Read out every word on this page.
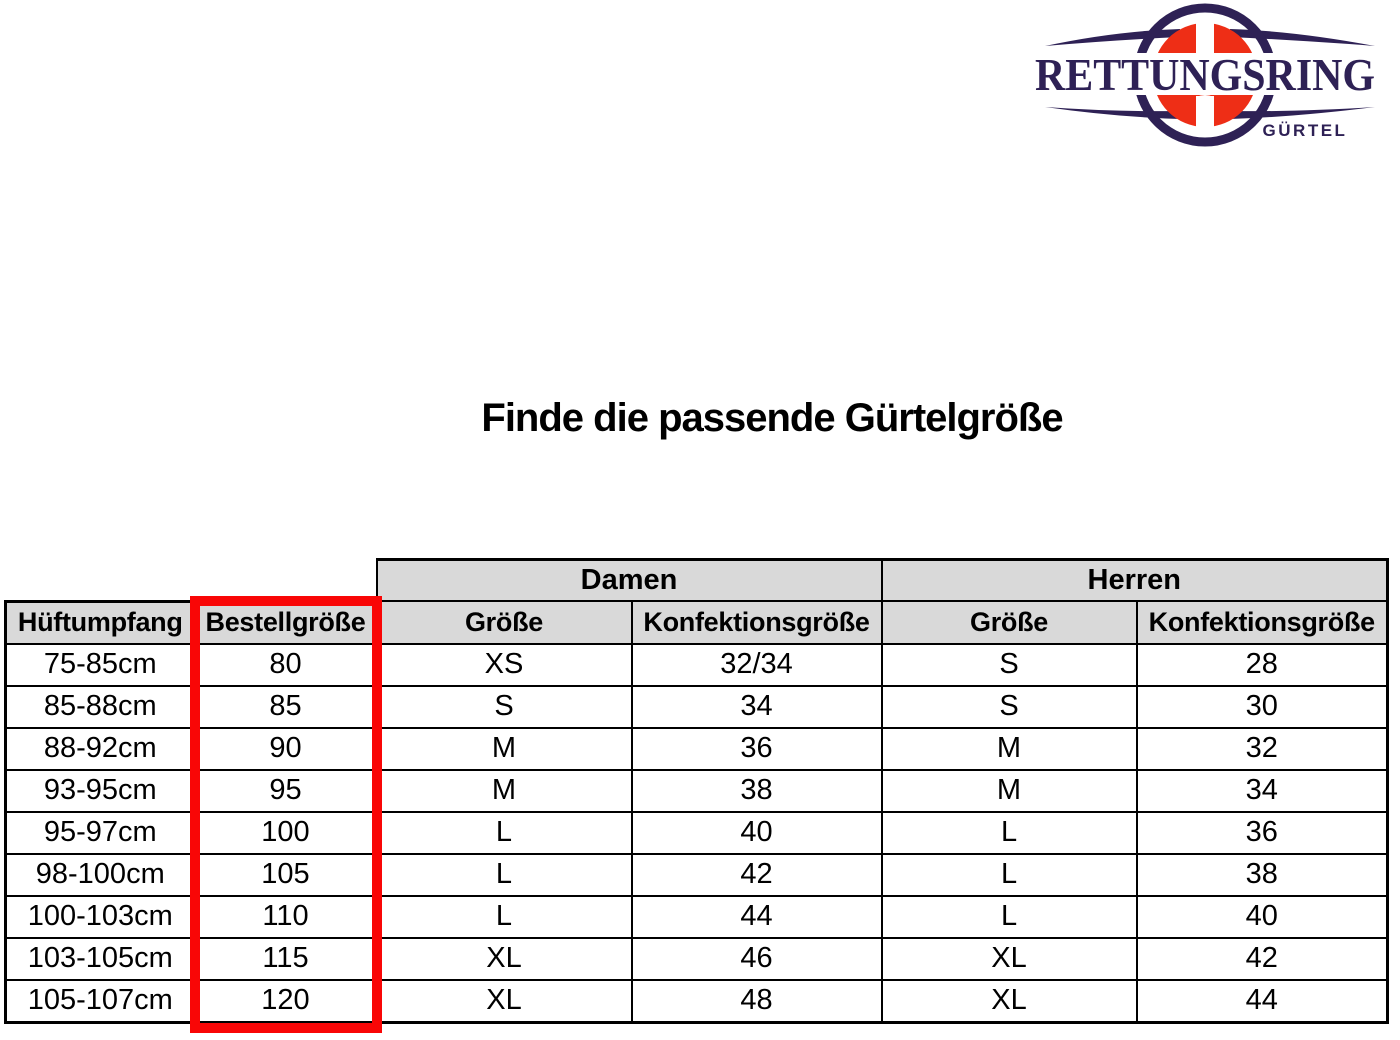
RETTUNGSRING
GÜRTEL
Finde die passende Gürtelgröße
		Damen		Herren	
Hüftumpfang	Bestellgröße	Größe	Konfektionsgröße	Größe	Konfektionsgröße
75-85cm	80	XS	32/34	S	28
85-88cm	85	S	34	S	30
88-92cm	90	M	36	M	32
93-95cm	95	M	38	M	34
95-97cm	100	L	40	L	36
98-100cm	105	L	42	L	38
100-103cm	110	L	44	L	40
103-105cm	115	XL	46	XL	42
105-107cm	120	XL	48	XL	44
